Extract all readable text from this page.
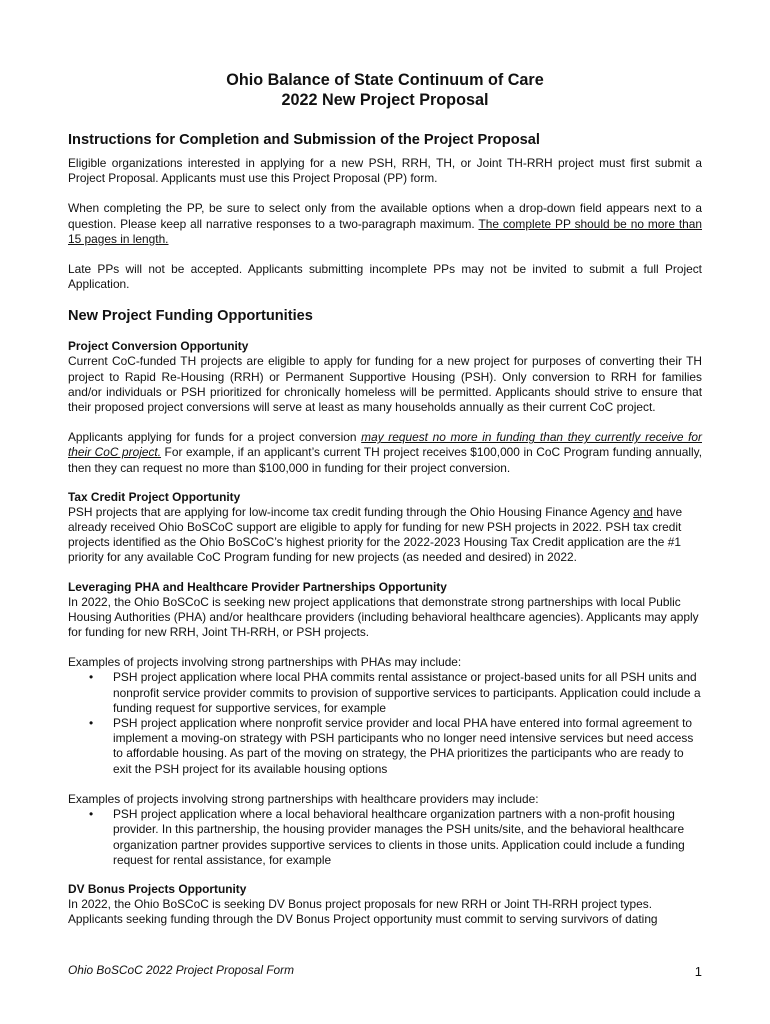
Ohio Balance of State Continuum of Care

2022 New Project Proposal

Instructions for Completion and Submission of the Project Proposal

Eligible organizations interested in applying for a new PSH, RRH, TH, or Joint TH-RRH project must first submit a Project Proposal. Applicants must use this Project Proposal (PP) form.

When completing the PP, be sure to select only from the available options when a drop-down field appears next to a question. Please keep all narrative responses to a two-paragraph maximum. The complete PP should be no more than 15 pages in length.

Late PPs will not be accepted. Applicants submitting incomplete PPs may not be invited to submit a full Project Application.

New Project Funding Opportunities

Project Conversion Opportunity

Current CoC-funded TH projects are eligible to apply for funding for a new project for purposes of converting their TH project to Rapid Re-Housing (RRH) or Permanent Supportive Housing (PSH). Only conversion to RRH for families and/or individuals or PSH prioritized for chronically homeless will be permitted. Applicants should strive to ensure that their proposed project conversions will serve at least as many households annually as their current CoC project.

Applicants applying for funds for a project conversion may request no more in funding than they currently receive for their CoC project. For example, if an applicant’s current TH project receives $100,000 in CoC Program funding annually, then they can request no more than $100,000 in funding for their project conversion.

Tax Credit Project Opportunity

PSH projects that are applying for low-income tax credit funding through the Ohio Housing Finance Agency and have already received Ohio BoSCoC support are eligible to apply for funding for new PSH projects in 2022. PSH tax credit projects identified as the Ohio BoSCoC’s highest priority for the 2022-2023 Housing Tax Credit application are the #1 priority for any available CoC Program funding for new projects (as needed and desired) in 2022.

Leveraging PHA and Healthcare Provider Partnerships Opportunity

In 2022, the Ohio BoSCoC is seeking new project applications that demonstrate strong partnerships with local Public Housing Authorities (PHA) and/or healthcare providers (including behavioral healthcare agencies). Applicants may apply for funding for new RRH, Joint TH-RRH, or PSH projects.

Examples of projects involving strong partnerships with PHAs may include:

• PSH project application where local PHA commits rental assistance or project-based units for all PSH units and nonprofit service provider commits to provision of supportive services to participants. Application could include a funding request for supportive services, for example
• PSH project application where nonprofit service provider and local PHA have entered into formal agreement to implement a moving-on strategy with PSH participants who no longer need intensive services but need access to affordable housing. As part of the moving on strategy, the PHA prioritizes the participants who are ready to exit the PSH project for its available housing options

Examples of projects involving strong partnerships with healthcare providers may include:

• PSH project application where a local behavioral healthcare organization partners with a non-profit housing provider. In this partnership, the housing provider manages the PSH units/site, and the behavioral healthcare organization partner provides supportive services to clients in those units. Application could include a funding request for rental assistance, for example

DV Bonus Projects Opportunity

In 2022, the Ohio BoSCoC is seeking DV Bonus project proposals for new RRH or Joint TH-RRH project types. Applicants seeking funding through the DV Bonus Project opportunity must commit to serving survivors of dating

Ohio BoSCoC 2022 Project Proposal Form	1
